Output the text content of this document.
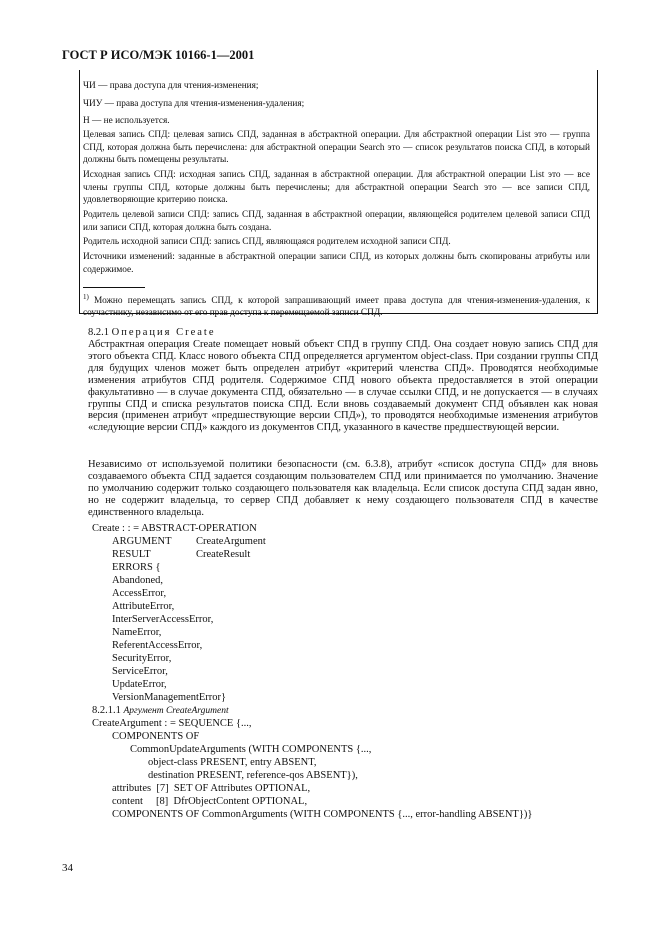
ГОСТ Р ИСО/МЭК 10166-1—2001
ЧИ — права доступа для чтения-изменения;
ЧИУ — права доступа для чтения-изменения-удаления;
Н — не используется.
Целевая запись СПД: целевая запись СПД, заданная в абстрактной операции. Для абстрактной операции List это — группа СПД, которая должна быть перечислена: для абстрактной операции Search это — список результатов поиска СПД, в который должны быть помещены результаты.
Исходная запись СПД: исходная запись СПД, заданная в абстрактной операции. Для абстрактной операции List это — все члены группы СПД, которые должны быть перечислены; для абстрактной операции Search это — все записи СПД, удовлетворяющие критерию поиска.
Родитель целевой записи СПД: запись СПД, заданная в абстрактной операции, являющейся родителем целевой записи СПД или записи СПД, которая должна быть создана.
Родитель исходной записи СПД: запись СПД, являющаяся родителем исходной записи СПД.
Источники изменений: заданные в абстрактной операции записи СПД, из которых должны быть скопированы атрибуты или содержимое.
$^{1)}$ Можно перемещать запись СПД, к которой запрашивающий имеет права доступа для чтения-изменения-удаления, к соучастнику, независимо от его прав доступа к перемещаемой записи СПД.
8.2.1 Операция Create
Абстрактная операция Create помещает новый объект СПД в группу СПД. Она создает новую запись СПД для этого объекта СПД. Класс нового объекта СПД определяется аргументом object-class. При создании группы СПД для будущих членов может быть определен атрибут «критерий членства СПД». Проводятся необходимые изменения атрибутов СПД родителя. Содержимое СПД нового объекта предоставляется в этой операции факультативно — в случае документа СПД, обязательно — в случае ссылки СПД, и не допускается — в случаях группы СПД и списка результатов поиска СПД. Если вновь создаваемый документ СПД объявлен как новая версия (применен атрибут «предшествующие версии СПД»), то проводятся необходимые изменения атрибутов «следующие версии СПД» каждого из документов СПД, указанного в качестве предшествующей версии.
Независимо от используемой политики безопасности (см. 6.3.8), атрибут «список доступа СПД» для вновь создаваемого объекта СПД задается создающим пользователем СПД или принимается по умолчанию. Значение по умолчанию содержит только создающего пользователя как владельца. Если список доступа СПД задан явно, но не содержит владельца, то сервер СПД добавляет к нему создающего пользователя СПД в качестве единственного владельца.
Create : : = ABSTRACT-OPERATION
ARGUMENT CreateArgument
RESULT	CreateResult
ERRORS {
Abandoned,
AccessError,
AttributeError,
InterServerAccessError,
NameError,
ReferentAccessError,
SecurityError,
ServiceError,
UpdateError,
VersionManagementError}
8.2.1.1 Аргумент CreateArgument
CreateArgument : = SEQUENCE {...,
COMPONENTS OF
CommonUpdateArguments (WITH COMPONENTS {...,
object-class PRESENT, entry ABSENT,
destination PRESENT, reference-qos ABSENT}),
attributes  [7]  SET OF Attributes OPTIONAL,
content     [8]  DfrObjectContent OPTIONAL,
COMPONENTS OF CommonArguments (WITH COMPONENTS {..., error-handling ABSENT})}
34
